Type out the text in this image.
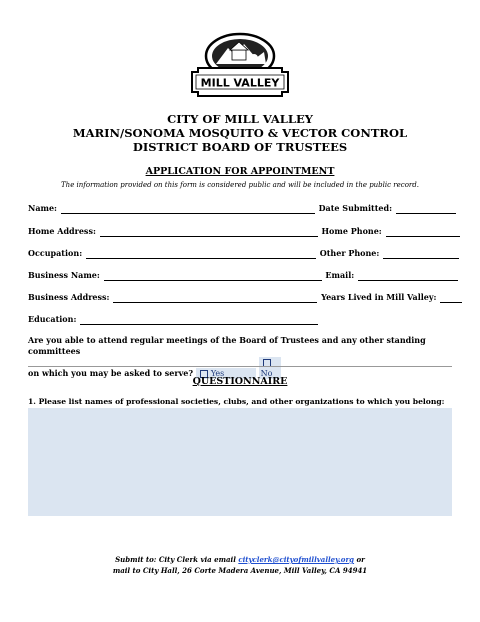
MILL VALLEY
CITY OF MILL VALLEY
MARIN/SONOMA MOSQUITO & VECTOR CONTROL
DISTRICT BOARD OF TRUSTEES
APPLICATION FOR APPOINTMENT
The information provided on this form is considered public and will be included in the public record.
Name:	Date Submitted:
Home Address:	Home Phone:
Occupation:	Other Phone:
Business Name:	Email:
Business Address:	Years Lived in Mill Valley:
Education:
Are you able to attend regular meetings of the Board of Trustees and any other standing committees
on which you may be asked to serve? Yes	No
QUESTIONNAIRE
1. Please list names of professional societies, clubs, and other organizations to which you belong:
Submit to: City Clerk via email cityclerk@cityofmillvalley.org or
mail to City Hall, 26 Corte Madera Avenue, Mill Valley, CA 94941
